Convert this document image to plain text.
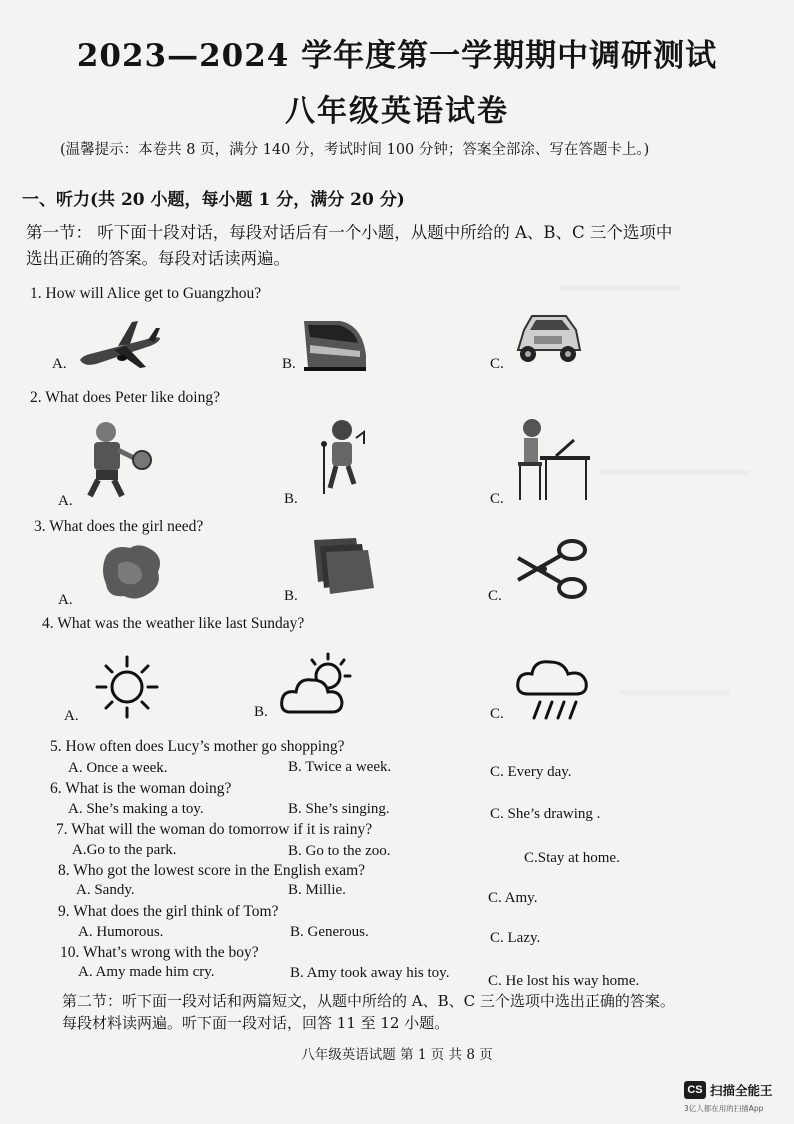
2023—2024 学年度第一学期期中调研测试
八年级英语试卷
(温馨提示：本卷共 8 页，满分 140 分，考试时间 100 分钟；答案全部涂、写在答题卡上。)
一、听力(共 20 小题，每小题 1 分，满分 20 分)
第一节： 听下面十段对话，每段对话后有一个小题，从题中所给的 A、B、C 三个选项中
选出正确的答案。每段对话读两遍。
1. How will Alice get to Guangzhou?
A.	B.	C.
2. What does Peter like doing?
A.	B.	C.
3. What does the girl need?
A.	B.	C.
4. What was the weather like last Sunday?
A.	B.	C.
5. How often does Lucy’s mother go shopping?
A. Once a week.	B. Twice a week.	C. Every day.
6. What is the woman doing?
A. She’s making a toy.	B. She’s singing.	C. She’s drawing .
7. What will the woman do tomorrow if it is rainy?
A.Go to the park.	B. Go to the zoo.	C.Stay at home.
8. Who got the lowest score in the English exam?
A. Sandy.	B. Millie.	C. Amy.
9. What does the girl think of Tom?
A. Humorous.	B. Generous.	C. Lazy.
10. What’s wrong with the boy?
A. Amy made him cry.	B. Amy took away his toy.	C. He lost his way home.
第二节：听下面一段对话和两篇短文，从题中所给的 A、B、C 三个选项中选出正确的答案。
每段材料读两遍。听下面一段对话，回答 11 至 12 小题。
八年级英语试题 第 1 页 共 8 页
CS 扫描全能王
3亿人都在用的扫描App
